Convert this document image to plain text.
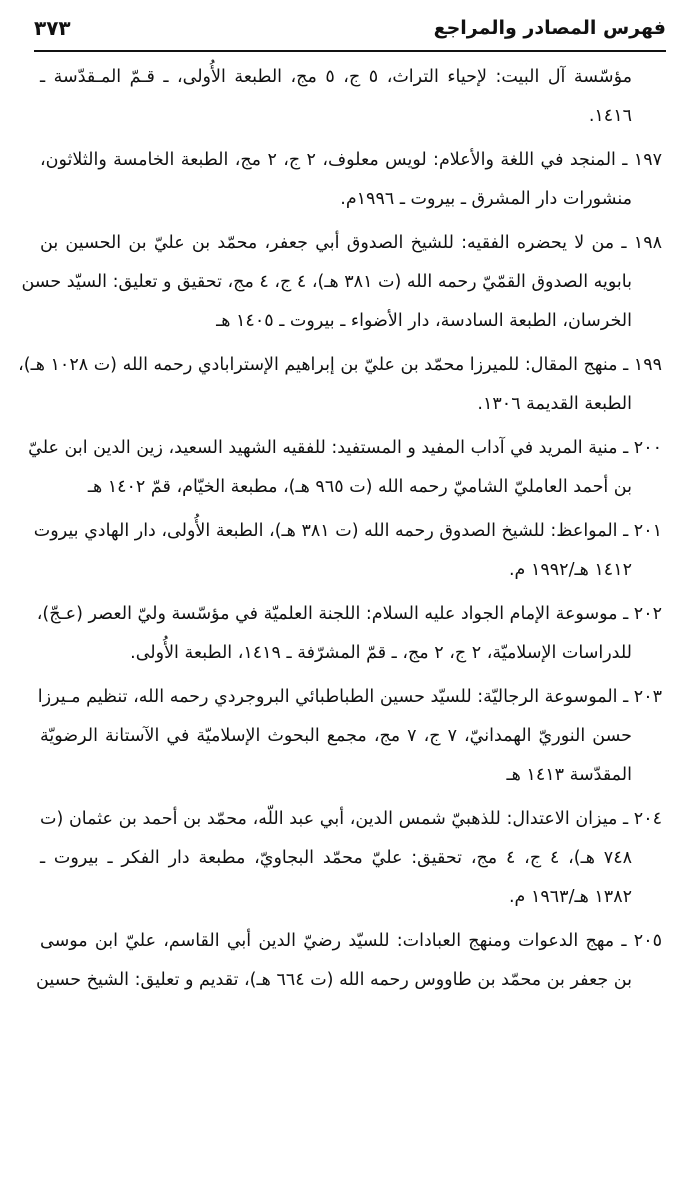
فهرس المصادر والمراجع
٣٧٣
مؤسّسة آل البيت: لإحياء التراث، ٥ ج، ٥ مج، الطبعة الأُولى، ـ قـمّ المـقدّسة ـ
١٤١٦.
١٩٧ ـ المنجد في اللغة والأعلام: لويس معلوف، ٢ ج، ٢ مج، الطبعة الخامسة والثلاثون،
منشورات دار المشرق ـ بيروت ـ ١٩٩٦م.
١٩٨ ـ من لا يحضره الفقيه: للشيخ الصدوق أبي جعفر، محمّد بن عليّ بن الحسين بن
بابويه الصدوق القمّيّ رحمه الله (ت ٣٨١ هـ)، ٤ ج، ٤ مج، تحقيق و تعليق: السيّد حسن
الخرسان، الطبعة السادسة، دار الأضواء ـ بيروت ـ ١٤٠٥ هـ
١٩٩ ـ منهج المقال: للميرزا محمّد بن عليّ بن إبراهيم الإسترابادي رحمه الله (ت ١٠٢٨ هـ)،
الطبعة القديمة ١٣٠٦.
٢٠٠ ـ منية المريد في آداب المفيد و المستفيد: للفقيه الشهيد السعيد، زين الدين ابن عليّ
بن أحمد العامليّ الشاميّ رحمه الله (ت ٩٦٥ هـ)، مطبعة الخيّام، قمّ ١٤٠٢ هـ
٢٠١ ـ المواعظ: للشيخ الصدوق رحمه الله (ت ٣٨١ هـ)، الطبعة الأُولى، دار الهادي بيروت
١٤١٢ هـ/١٩٩٢ م.
٢٠٢ ـ موسوعة الإمام الجواد عليه السلام: اللجنة العلميّة في مؤسّسة وليّ العصر (عـجّ)،
للدراسات الإسلاميّة، ٢ ج، ٢ مج، ـ قمّ المشرّفة ـ ١٤١٩، الطبعة الأُولى.
٢٠٣ ـ الموسوعة الرجاليّة: للسيّد حسين الطباطبائي البروجردي رحمه الله، تنظيم مـيرزا
حسن النوريّ الهمدانيّ، ٧ ج، ٧ مج، مجمع البحوث الإسلاميّة في الآستانة الرضويّة
المقدّسة ١٤١٣ هـ
٢٠٤ ـ ميزان الاعتدال: للذهبيّ شمس الدين، أبي عبد اللّه، محمّد بن أحمد بن عثمان (ت
٧٤٨ هـ)، ٤ ج، ٤ مج، تحقيق: عليّ محمّد البجاويّ، مطبعة دار الفكر ـ بيروت ـ
١٣٨٢ هـ/١٩٦٣ م.
٢٠٥ ـ مهج الدعوات ومنهج العبادات: للسيّد رضيّ الدين أبي القاسم، عليّ ابن موسى
بن جعفر بن محمّد بن طاووس رحمه الله (ت ٦٦٤ هـ)، تقديم و تعليق: الشيخ حسين
